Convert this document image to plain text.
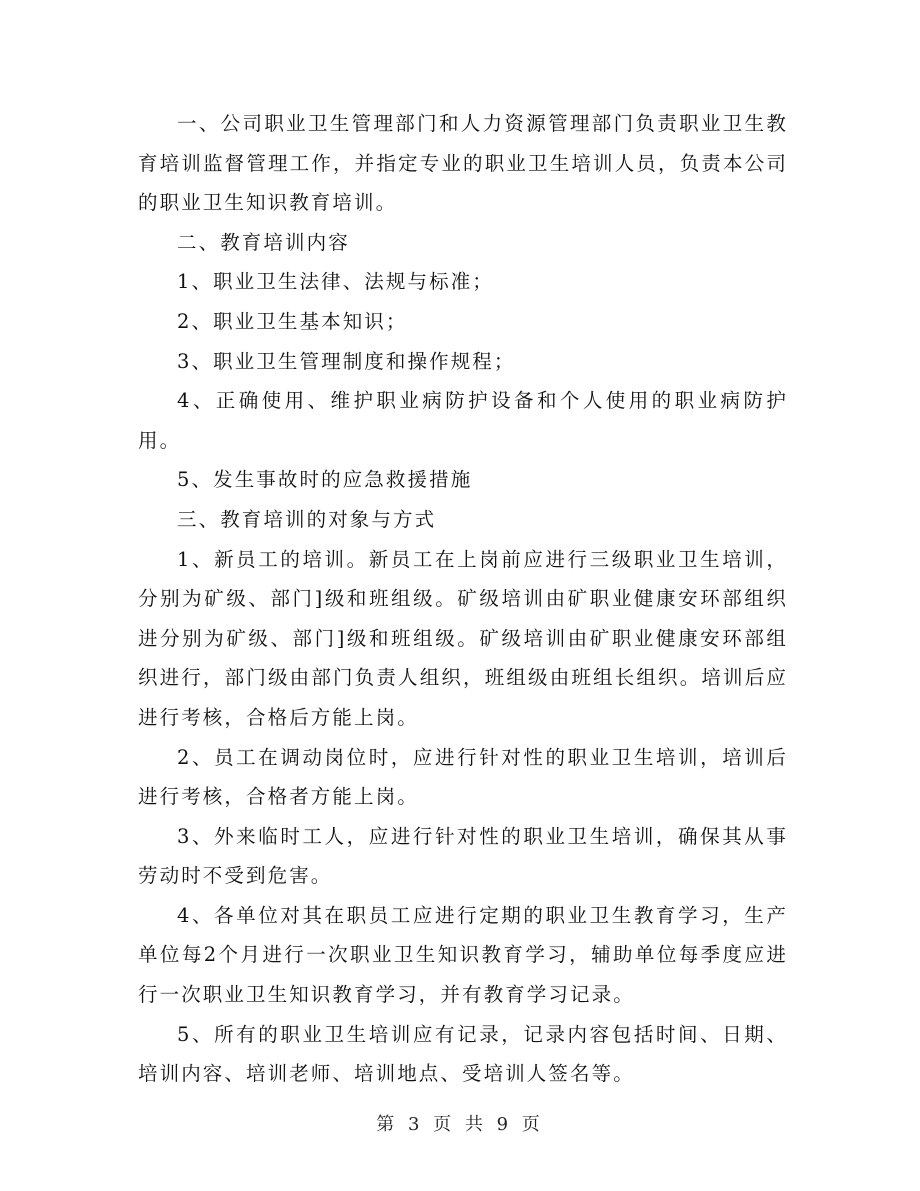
一、公司职业卫生管理部门和人力资源管理部门负责职业卫生教育培训监督管理工作，并指定专业的职业卫生培训人员，负责本公司的职业卫生知识教育培训。

二、教育培训内容

1、职业卫生法律、法规与标准；

2、职业卫生基本知识；

3、职业卫生管理制度和操作规程；

4、正确使用、维护职业病防护设备和个人使用的职业病防护用。

5、发生事故时的应急救援措施

三、教育培训的对象与方式

1、新员工的培训。新员工在上岗前应进行三级职业卫生培训，分别为矿级、部门]级和班组级。矿级培训由矿职业健康安环部组织进分别为矿级、部门]级和班组级。矿级培训由矿职业健康安环部组织进行，部门级由部门负责人组织，班组级由班组长组织。培训后应进行考核，合格后方能上岗。

2、员工在调动岗位时，应进行针对性的职业卫生培训，培训后进行考核，合格者方能上岗。

3、外来临时工人，应进行针对性的职业卫生培训，确保其从事劳动时不受到危害。

4、各单位对其在职员工应进行定期的职业卫生教育学习，生产单位每2个月进行一次职业卫生知识教育学习，辅助单位每季度应进行一次职业卫生知识教育学习，并有教育学习记录。

5、所有的职业卫生培训应有记录，记录内容包括时间、日期、培训内容、培训老师、培训地点、受培训人签名等。

第 3 页 共 9 页
